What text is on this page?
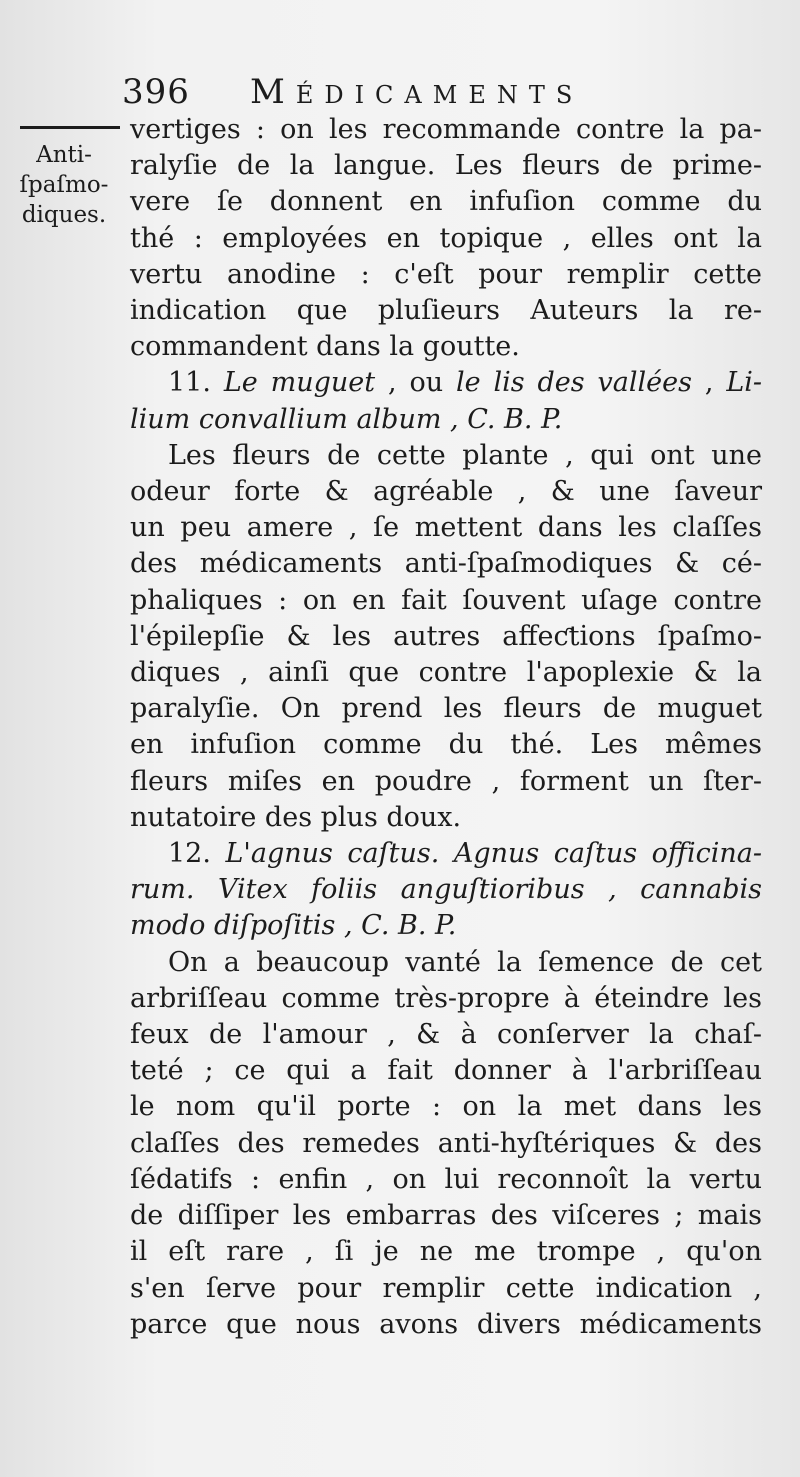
396 Médicaments
Anti-
ſpaſmo-
diques.
vertiges : on les recommande contre la pa-
ralyſie de la langue. Les fleurs de prime-
vere ſe donnent en infuſion comme du
thé : employées en topique , elles ont la
vertu anodine : c'eſt pour remplir cette
indication que pluſieurs Auteurs la re-
commandent dans la goutte.
11. Le muguet , ou le lis des vallées , Li-
lium convallium album , C. B. P.
Les fleurs de cette plante , qui ont une
odeur forte & agréable , & une ſaveur
un peu amere , ſe mettent dans les claſſes
des médicaments anti-ſpaſmodiques & cé-
phaliques : on en fait ſouvent uſage contre
l'épilepſie & les autres affeƈtions ſpaſmo-
diques , ainſi que contre l'apoplexie & la
paralyſie. On prend les fleurs de muguet
en infuſion comme du thé. Les mêmes
fleurs miſes en poudre , forment un ſter-
nutatoire des plus doux.
12. L'agnus caſtus. Agnus caſtus officina-
rum. Vitex foliis anguſtioribus , cannabis
modo diſpoſitis , C. B. P.
On a beaucoup vanté la ſemence de cet
arbriſſeau comme très-propre à éteindre les
feux de l'amour , & à conſerver la chaſ-
teté ; ce qui a fait donner à l'arbriſſeau
le nom qu'il porte : on la met dans les
claſſes des remedes anti-hyſtériques & des
ſédatifs : enfin , on lui reconnoît la vertu
de diſſiper les embarras des viſceres ; mais
il eſt rare , ſi je ne me trompe , qu'on
s'en ſerve pour remplir cette indication ,
parce que nous avons divers médicaments
